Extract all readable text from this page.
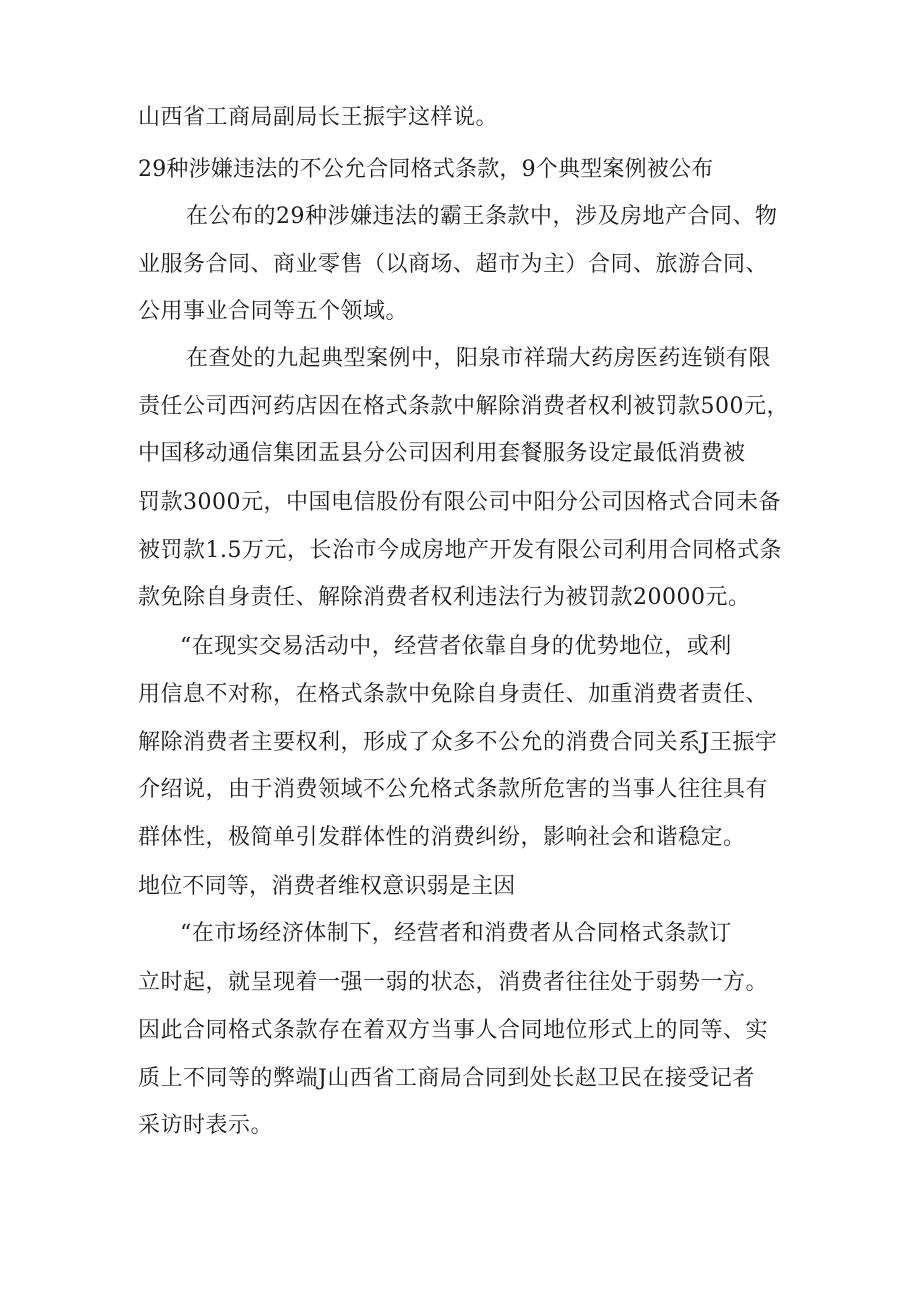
山西省工商局副局长王振宇这样说。
29种涉嫌违法的不公允合同格式条款，9个典型案例被公布
在公布的29种涉嫌违法的霸王条款中，涉及房地产合同、物
业服务合同、商业零售（以商场、超市为主）合同、旅游合同、
公用事业合同等五个领域。
在查处的九起典型案例中，阳泉市祥瑞大药房医药连锁有限
责任公司西河药店因在格式条款中解除消费者权利被罚款500元，
中国移动通信集团盂县分公司因利用套餐服务设定最低消费被
罚款3000元，中国电信股份有限公司中阳分公司因格式合同未备
被罚款1.5万元，长治市今成房地产开发有限公司利用合同格式条
款免除自身责任、解除消费者权利违法行为被罚款20000元。
“在现实交易活动中，经营者依靠自身的优势地位，或利
用信息不对称，在格式条款中免除自身责任、加重消费者责任、
解除消费者主要权利，形成了众多不公允的消费合同关系J王振宇
介绍说，由于消费领域不公允格式条款所危害的当事人往往具有
群体性，极简单引发群体性的消费纠纷，影响社会和谐稳定。
地位不同等，消费者维权意识弱是主因
“在市场经济体制下，经营者和消费者从合同格式条款订
立时起，就呈现着一强一弱的状态，消费者往往处于弱势一方。
因此合同格式条款存在着双方当事人合同地位形式上的同等、实
质上不同等的弊端J山西省工商局合同到处长赵卫民在接受记者
采访时表示。
